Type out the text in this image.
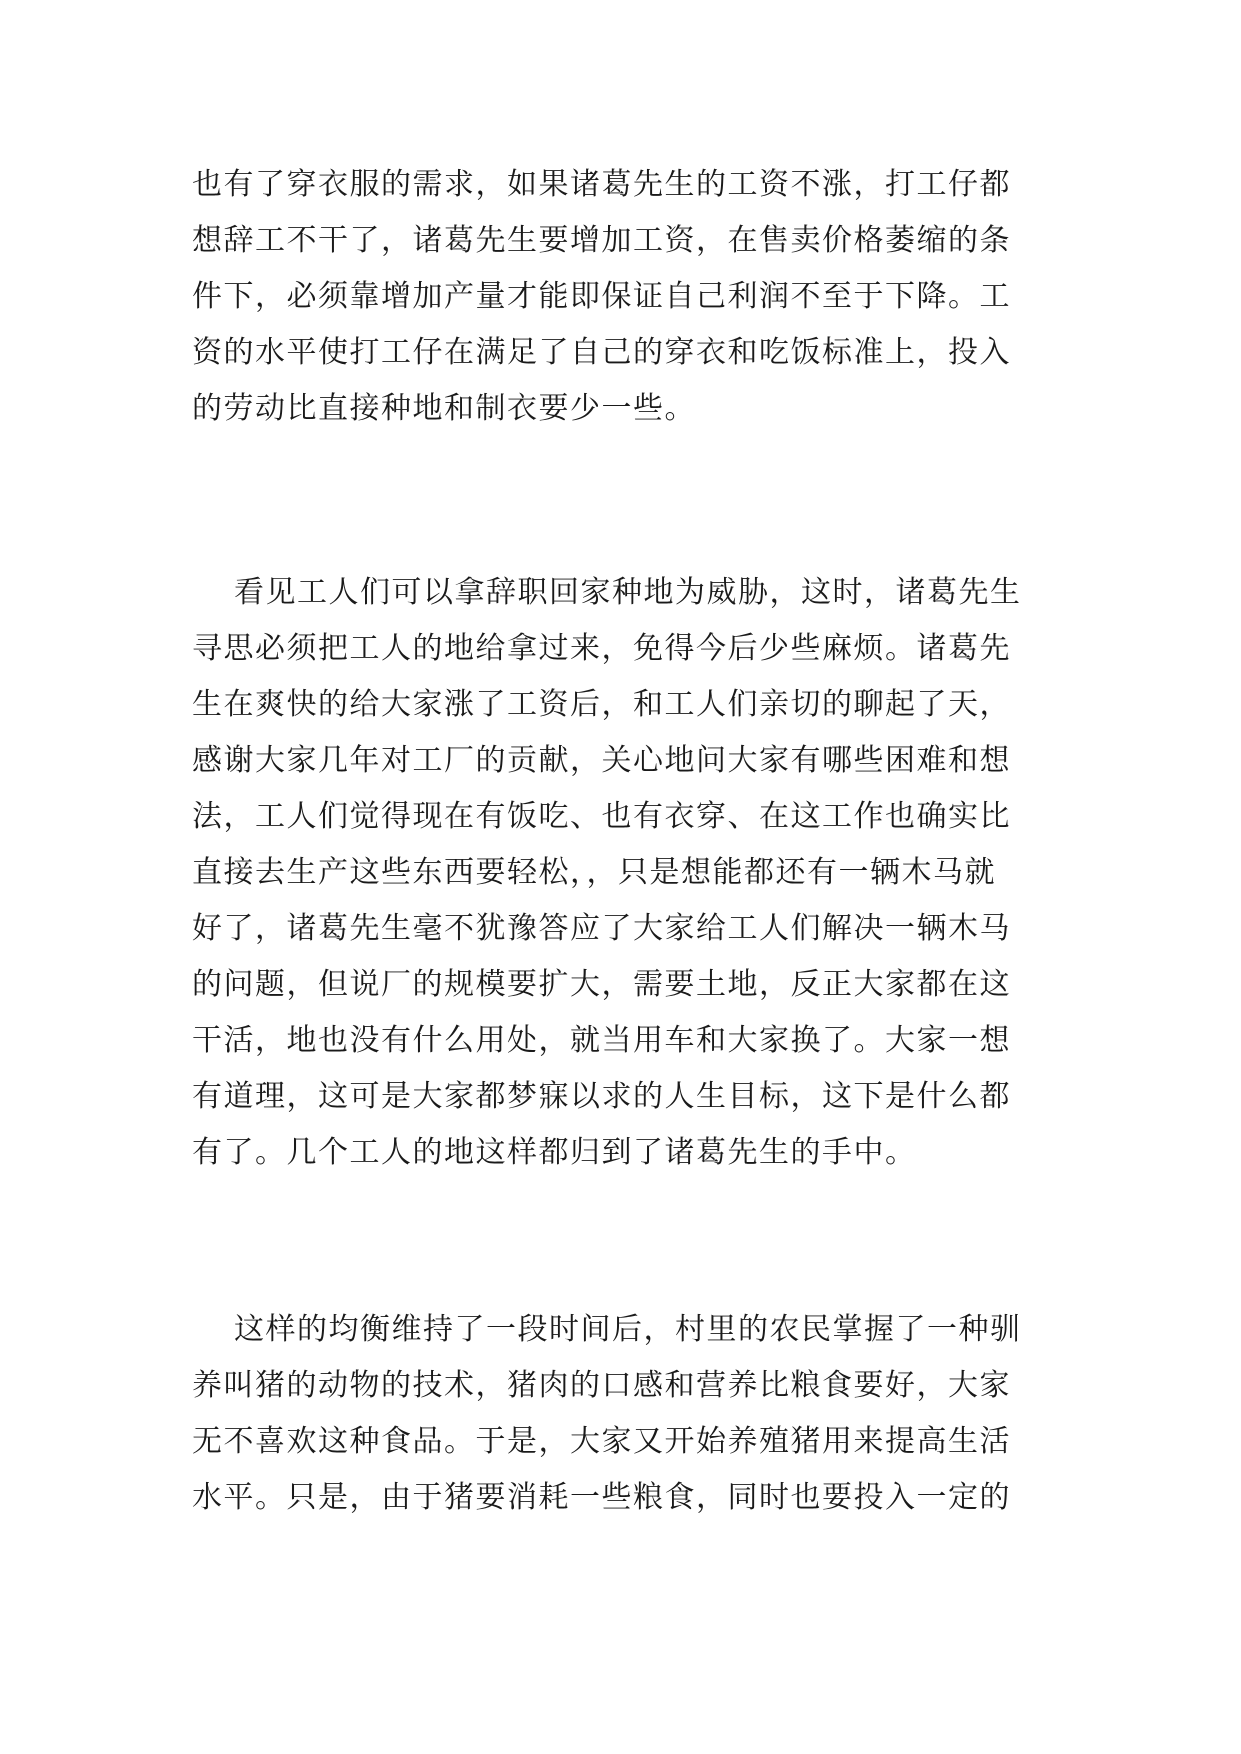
也有了穿衣服的需求，如果诸葛先生的工资不涨，打工仔都
想辞工不干了，诸葛先生要增加工资，在售卖价格萎缩的条
件下，必须靠增加产量才能即保证自己利润不至于下降。工
资的水平使打工仔在满足了自己的穿衣和吃饭标准上，投入
的劳动比直接种地和制衣要少一些。
看见工人们可以拿辞职回家种地为威胁，这时，诸葛先生
寻思必须把工人的地给拿过来，免得今后少些麻烦。诸葛先
生在爽快的给大家涨了工资后，和工人们亲切的聊起了天，
感谢大家几年对工厂的贡献，关心地问大家有哪些困难和想
法，工人们觉得现在有饭吃、也有衣穿、在这工作也确实比
直接去生产这些东西要轻松，，只是想能都还有一辆木马就
好了，诸葛先生毫不犹豫答应了大家给工人们解决一辆木马
的问题，但说厂的规模要扩大，需要土地，反正大家都在这
干活，地也没有什么用处，就当用车和大家换了。大家一想
有道理，这可是大家都梦寐以求的人生目标，这下是什么都
有了。几个工人的地这样都归到了诸葛先生的手中。
这样的均衡维持了一段时间后，村里的农民掌握了一种驯
养叫猪的动物的技术，猪肉的口感和营养比粮食要好，大家
无不喜欢这种食品。于是，大家又开始养殖猪用来提高生活
水平。只是，由于猪要消耗一些粮食，同时也要投入一定的
